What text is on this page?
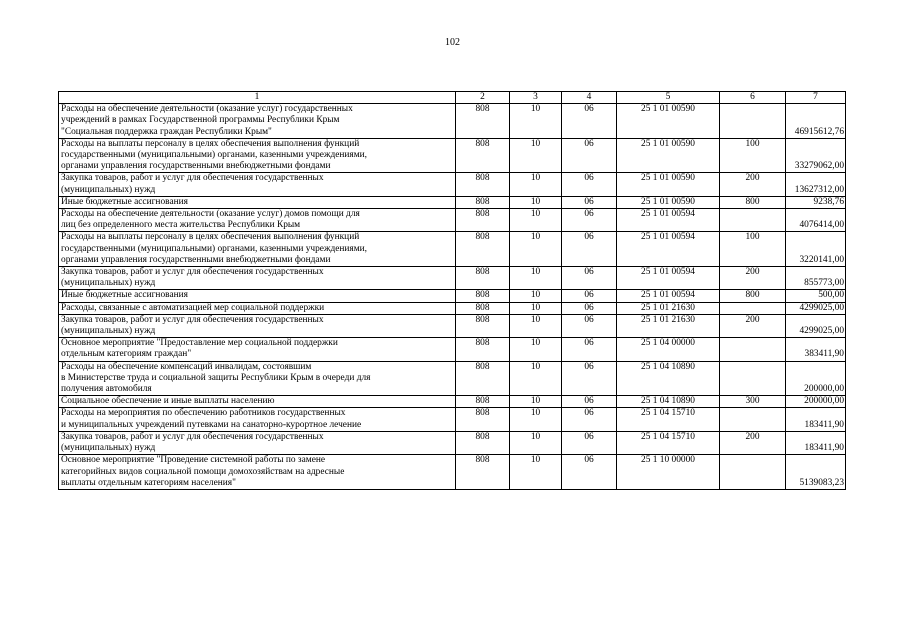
102
1	2	3	4	5	6	7

Расходы на обеспечение деятельности (оказание услуг) государственных
учреждений в рамках Государственной программы Республики Крым
"Социальная поддержка граждан Республики Крым"	808	10	06	25 1 01 00590		46915612,76

Расходы на выплаты персоналу в целях обеспечения выполнения функций
государственными (муниципальными) органами, казенными учреждениями,
органами управления государственными внебюджетными фондами	808	10	06	25 1 01 00590	100	33279062,00

Закупка товаров, работ и услуг для обеспечения государственных
(муниципальных) нужд	808	10	06	25 1 01 00590	200	13627312,00

Иные бюджетные ассигнования	808	10	06	25 1 01 00590	800	9238,76

Расходы на обеспечение деятельности (оказание услуг) домов помощи для
лиц без определенного места жительства Республики Крым	808	10	06	25 1 01 00594		4076414,00

Расходы на выплаты персоналу в целях обеспечения выполнения функций
государственными (муниципальными) органами, казенными учреждениями,
органами управления государственными внебюджетными фондами	808	10	06	25 1 01 00594	100	3220141,00

Закупка товаров, работ и услуг для обеспечения государственных
(муниципальных) нужд	808	10	06	25 1 01 00594	200	855773,00

Иные бюджетные ассигнования	808	10	06	25 1 01 00594	800	500,00

Расходы, связанные с автоматизацией мер социальной поддержки	808	10	06	25 1 01 21630		4299025,00

Закупка товаров, работ и услуг для обеспечения государственных
(муниципальных) нужд	808	10	06	25 1 01 21630	200	4299025,00

Основное мероприятие "Предоставление мер социальной поддержки
отдельным категориям граждан"	808	10	06	25 1 04 00000		383411,90

Расходы на обеспечение компенсаций инвалидам, состоявшим
в Министерстве труда и социальной защиты Республики Крым в очереди для
получения автомобиля	808	10	06	25 1 04 10890		200000,00

Социальное обеспечение и иные выплаты населению	808	10	06	25 1 04 10890	300	200000,00

Расходы на мероприятия по обеспечению работников государственных
и муниципальных учреждений путевками на санаторно-курортное лечение	808	10	06	25 1 04 15710		183411,90

Закупка товаров, работ и услуг для обеспечения государственных
(муниципальных) нужд	808	10	06	25 1 04 15710	200	183411,90

Основное мероприятие "Проведение системной работы по замене
категорийных видов социальной помощи домохозяйствам на адресные
выплаты отдельным категориям населения"	808	10	06	25 1 10 00000		5139083,23
